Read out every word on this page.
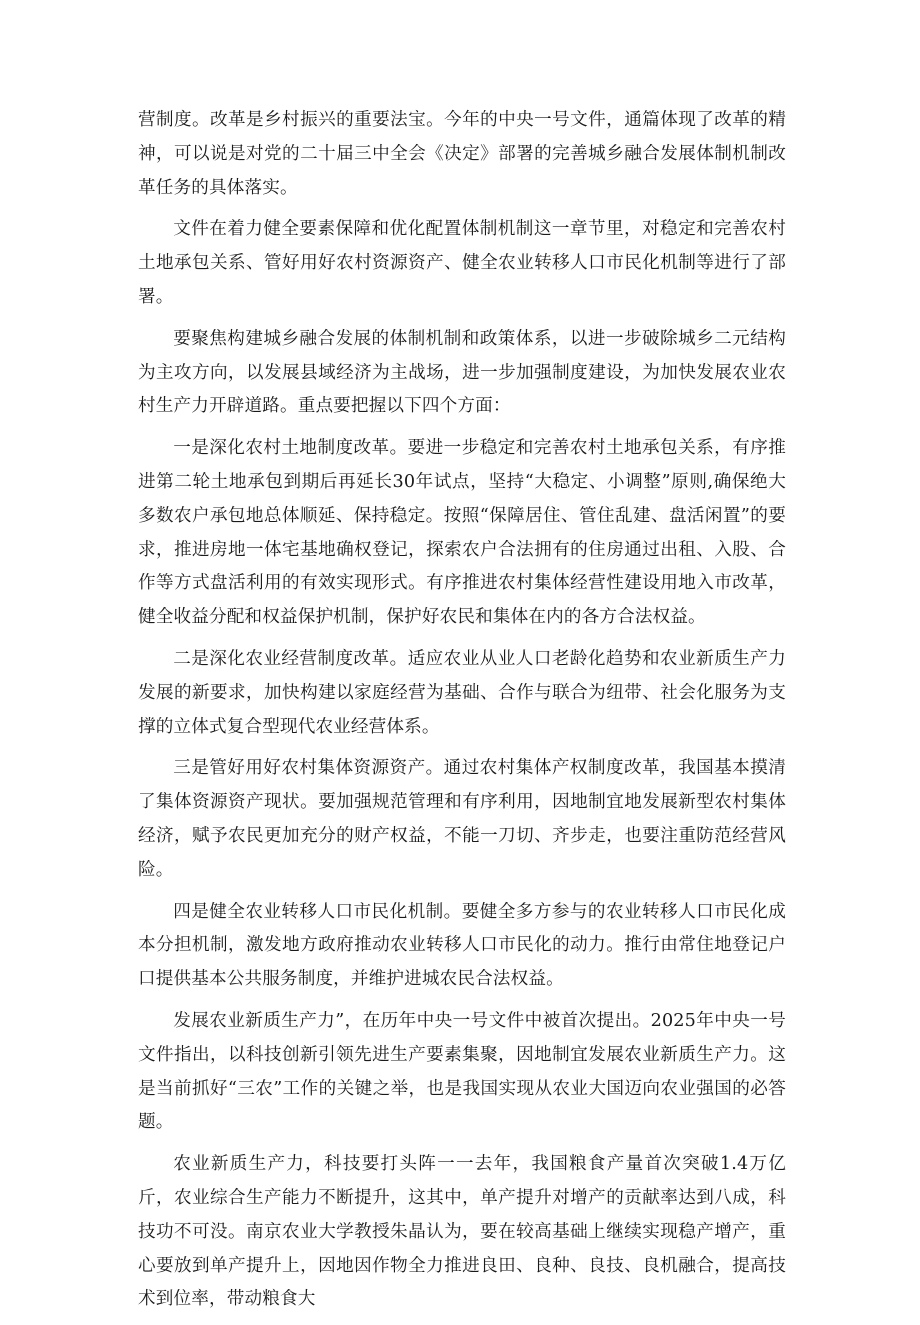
营制度。改革是乡村振兴的重要法宝。今年的中央一号文件，通篇体现了改革的精神，可以说是对党的二十届三中全会《决定》部署的完善城乡融合发展体制机制改革任务的具体落实。

文件在着力健全要素保障和优化配置体制机制这一章节里，对稳定和完善农村土地承包关系、管好用好农村资源资产、健全农业转移人口市民化机制等进行了部署。

要聚焦构建城乡融合发展的体制机制和政策体系，以进一步破除城乡二元结构为主攻方向，以发展县域经济为主战场，进一步加强制度建设，为加快发展农业农村生产力开辟道路。重点要把握以下四个方面：

一是深化农村土地制度改革。要进一步稳定和完善农村土地承包关系，有序推进第二轮土地承包到期后再延长30年试点，坚持“大稳定、小调整”原则,确保绝大多数农户承包地总体顺延、保持稳定。按照“保障居住、管住乱建、盘活闲置”的要求，推进房地一体宅基地确权登记，探索农户合法拥有的住房通过出租、入股、合作等方式盘活利用的有效实现形式。有序推进农村集体经营性建设用地入市改革，健全收益分配和权益保护机制，保护好农民和集体在内的各方合法权益。

二是深化农业经营制度改革。适应农业从业人口老龄化趋势和农业新质生产力发展的新要求，加快构建以家庭经营为基础、合作与联合为纽带、社会化服务为支撑的立体式复合型现代农业经营体系。

三是管好用好农村集体资源资产。通过农村集体产权制度改革，我国基本摸清了集体资源资产现状。要加强规范管理和有序利用，因地制宜地发展新型农村集体经济，赋予农民更加充分的财产权益，不能一刀切、齐步走，也要注重防范经营风险。

四是健全农业转移人口市民化机制。要健全多方参与的农业转移人口市民化成本分担机制，激发地方政府推动农业转移人口市民化的动力。推行由常住地登记户口提供基本公共服务制度，并维护进城农民合法权益。

发展农业新质生产力”，在历年中央一号文件中被首次提出。2025年中央一号文件指出，以科技创新引领先进生产要素集聚，因地制宜发展农业新质生产力。这是当前抓好“三农”工作的关键之举，也是我国实现从农业大国迈向农业强国的必答题。

农业新质生产力，科技要打头阵一一去年，我国粮食产量首次突破1.4万亿斤，农业综合生产能力不断提升，这其中，单产提升对增产的贡献率达到八成，科技功不可没。南京农业大学教授朱晶认为，要在较高基础上继续实现稳产增产，重心要放到单产提升上，因地因作物全力推进良田、良种、良技、良机融合，提高技术到位率，带动粮食大
